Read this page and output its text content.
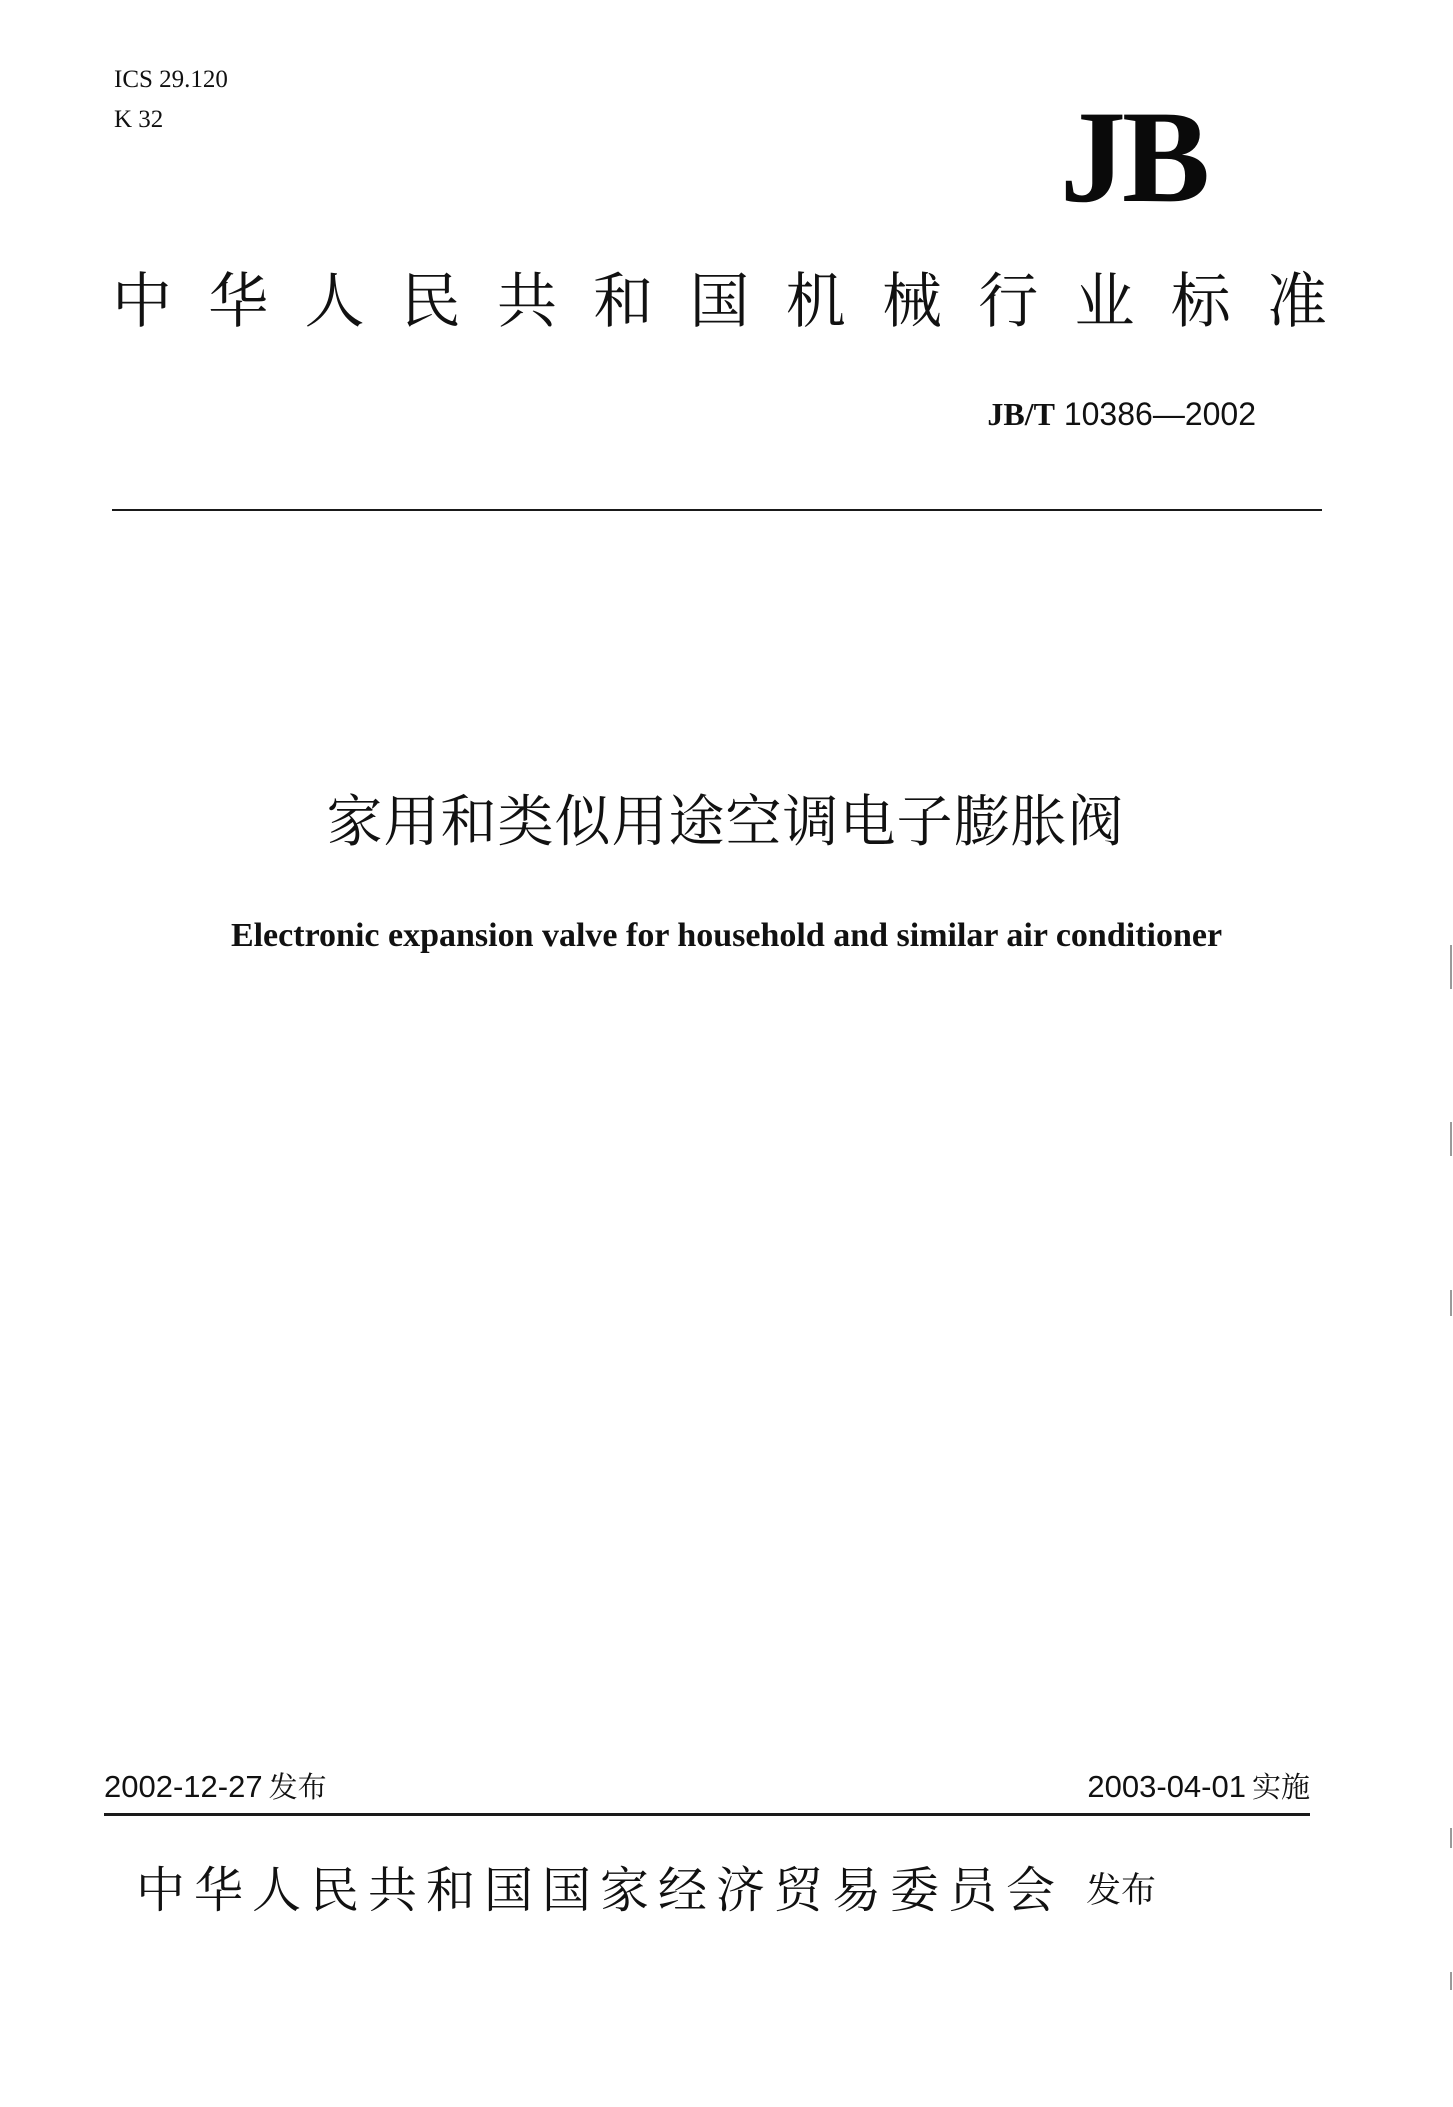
ICS 29.120
K 32	JB
中 华 人 民 共 和 国 机 械 行 业 标 准
JB/T 10386—2002
家用和类似用途空调电子膨胀阀
Electronic expansion valve for household and similar air conditioner
2002-12-27 发布	2003-04-01 实施
中华人民共和国国家经济贸易委员会 发布
